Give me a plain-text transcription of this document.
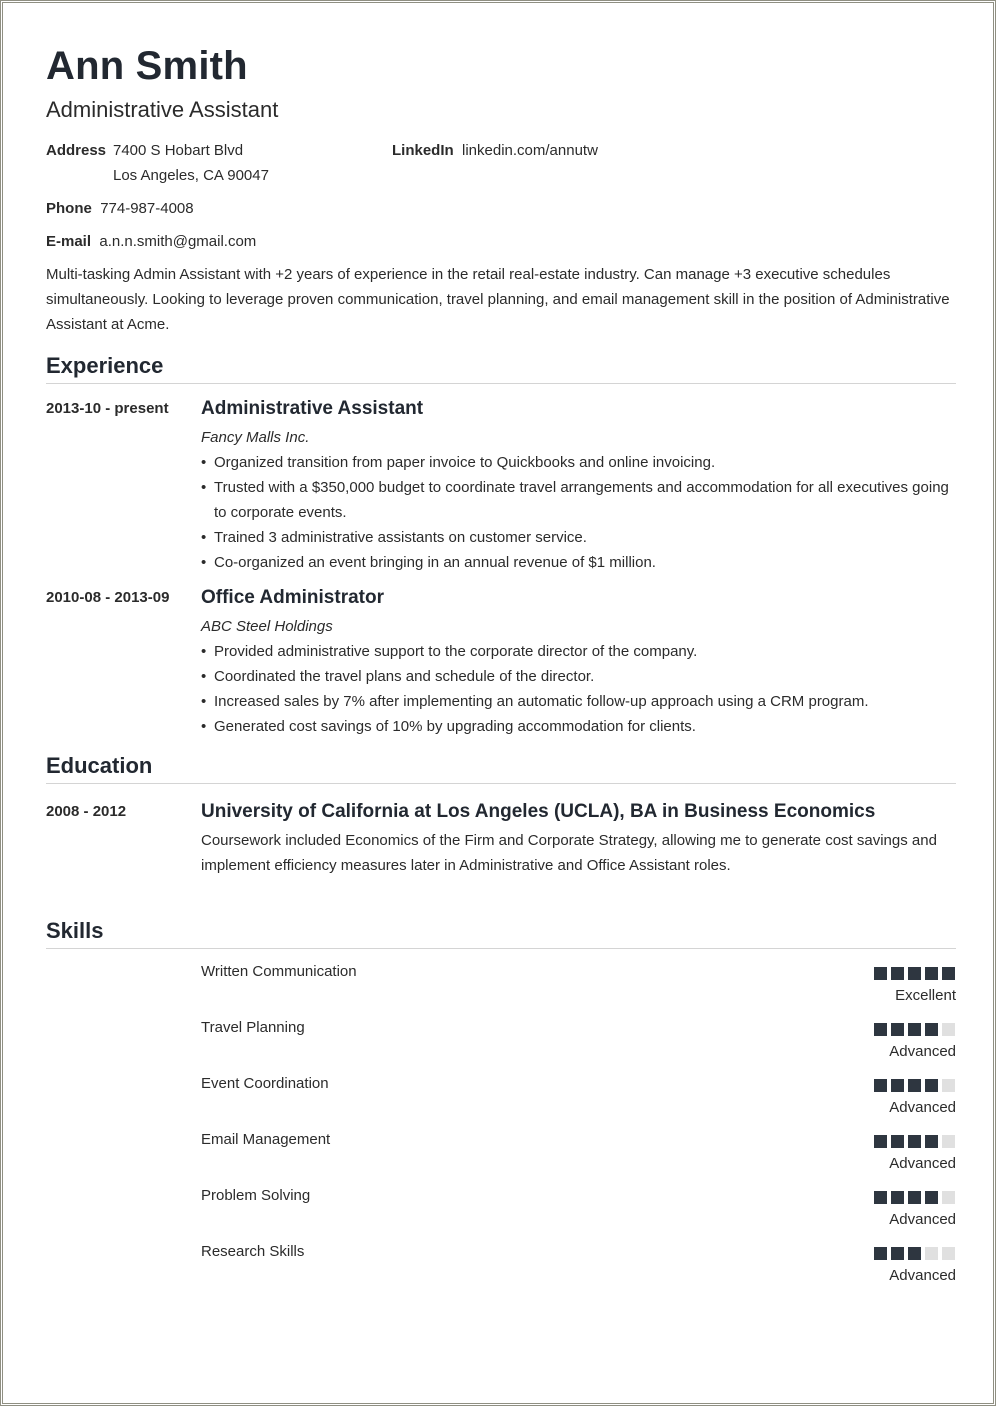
Ann Smith
Administrative Assistant
Address 7400 S Hobart Blvd
Los Angeles, CA 90047
LinkedIn linkedin.com/annutw
Phone 774-987-4008
E-mail a.n.n.smith@gmail.com
Multi-tasking Admin Assistant with +2 years of experience in the retail real-estate industry. Can manage +3 executive schedules simultaneously. Looking to leverage proven communication, travel planning, and email management skill in the position of Administrative Assistant at Acme.
Experience
2013-10 - present Administrative Assistant
Fancy Malls Inc.
• Organized transition from paper invoice to Quickbooks and online invoicing.
• Trusted with a $350,000 budget to coordinate travel arrangements and accommodation for all executives going to corporate events.
• Trained 3 administrative assistants on customer service.
• Co-organized an event bringing in an annual revenue of $1 million.
2010-08 - 2013-09 Office Administrator
ABC Steel Holdings
• Provided administrative support to the corporate director of the company.
• Coordinated the travel plans and schedule of the director.
• Increased sales by 7% after implementing an automatic follow-up approach using a CRM program.
• Generated cost savings of 10% by upgrading accommodation for clients.
Education
2008 - 2012	University of California at Los Angeles (UCLA), BA in Business Economics
Coursework included Economics of the Firm and Corporate Strategy, allowing me to generate cost savings and implement efficiency measures later in Administrative and Office Assistant roles.
Skills
Written Communication
Excellent
Travel Planning
Advanced
Event Coordination
Advanced
Email Management
Advanced
Problem Solving
Advanced
Research Skills
Advanced
